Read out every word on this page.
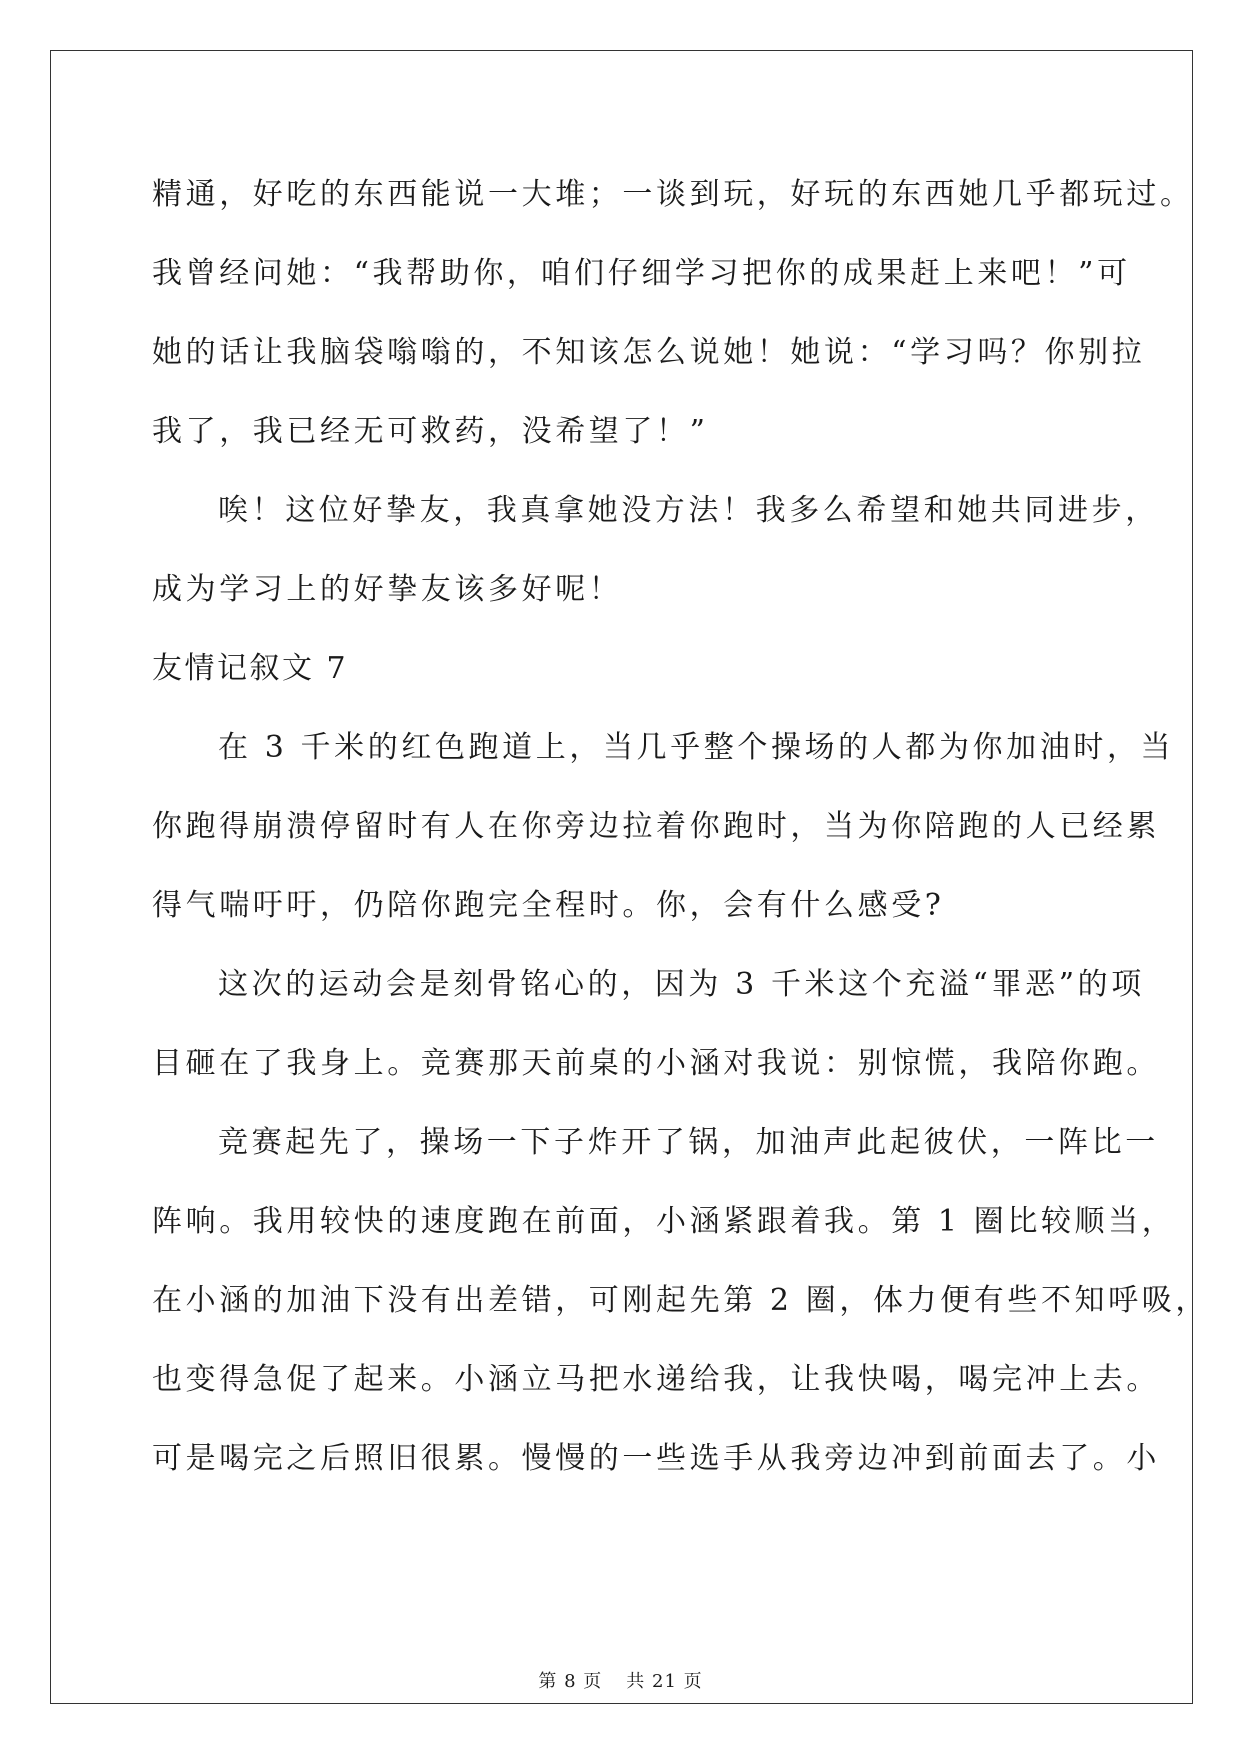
精通，好吃的东西能说一大堆；一谈到玩，好玩的东西她几乎都玩过。
我曾经问她：“我帮助你，咱们仔细学习把你的成果赶上来吧！”可
她的话让我脑袋嗡嗡的，不知该怎么说她！她说：“学习吗？你别拉
我了，我已经无可救药，没希望了！”
唉！这位好挚友，我真拿她没方法！我多么希望和她共同进步，
成为学习上的好挚友该多好呢！
友情记叙文 7
在 3 千米的红色跑道上，当几乎整个操场的人都为你加油时，当
你跑得崩溃停留时有人在你旁边拉着你跑时，当为你陪跑的人已经累
得气喘吁吁，仍陪你跑完全程时。你，会有什么感受?
这次的运动会是刻骨铭心的，因为 3 千米这个充溢“罪恶”的项
目砸在了我身上。竞赛那天前桌的小涵对我说：别惊慌，我陪你跑。
竞赛起先了，操场一下子炸开了锅，加油声此起彼伏，一阵比一
阵响。我用较快的速度跑在前面，小涵紧跟着我。第 1 圈比较顺当，
在小涵的加油下没有出差错，可刚起先第 2 圈，体力便有些不知呼吸，
也变得急促了起来。小涵立马把水递给我，让我快喝，喝完冲上去。
可是喝完之后照旧很累。慢慢的一些选手从我旁边冲到前面去了。小
第 8 页 共 21 页
